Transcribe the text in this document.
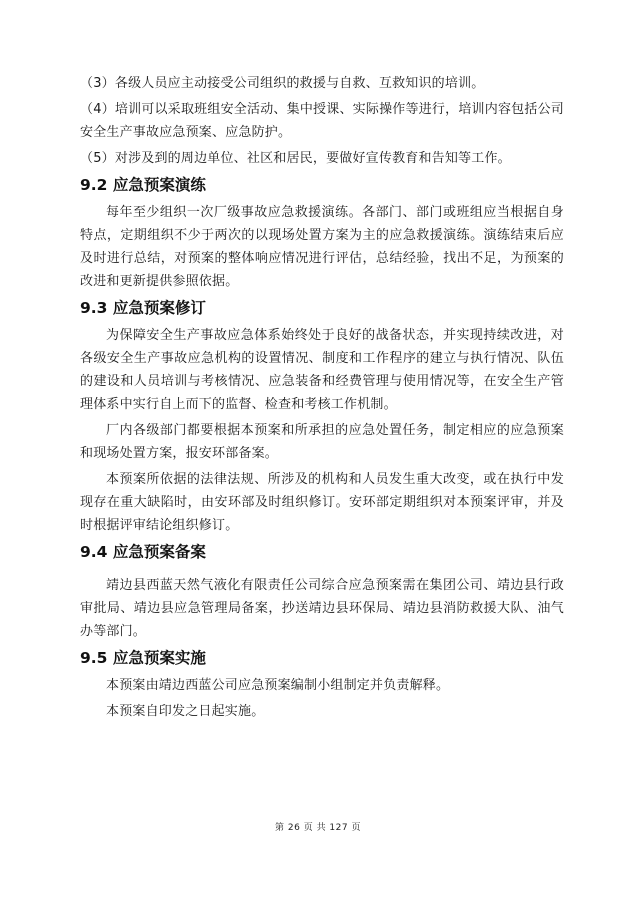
（3）各级人员应主动接受公司组织的救援与自救、互救知识的培训。

（4）培训可以采取班组安全活动、集中授课、实际操作等进行，培训内容包括公司安全生产事故应急预案、应急防护。

（5）对涉及到的周边单位、社区和居民，要做好宣传教育和告知等工作。

9.2 应急预案演练

每年至少组织一次厂级事故应急救援演练。各部门、部门或班组应当根据自身特点，定期组织不少于两次的以现场处置方案为主的应急救援演练。演练结束后应及时进行总结，对预案的整体响应情况进行评估，总结经验，找出不足，为预案的改进和更新提供参照依据。

9.3 应急预案修订

为保障安全生产事故应急体系始终处于良好的战备状态，并实现持续改进，对各级安全生产事故应急机构的设置情况、制度和工作程序的建立与执行情况、队伍的建设和人员培训与考核情况、应急装备和经费管理与使用情况等，在安全生产管理体系中实行自上而下的监督、检查和考核工作机制。

厂内各级部门都要根据本预案和所承担的应急处置任务，制定相应的应急预案和现场处置方案，报安环部备案。

本预案所依据的法律法规、所涉及的机构和人员发生重大改变，或在执行中发现存在重大缺陷时，由安环部及时组织修订。安环部定期组织对本预案评审，并及时根据评审结论组织修订。

9.4 应急预案备案

靖边县西蓝天然气液化有限责任公司综合应急预案需在集团公司、靖边县行政审批局、靖边县应急管理局备案，抄送靖边县环保局、靖边县消防救援大队、油气办等部门。

9.5 应急预案实施

本预案由靖边西蓝公司应急预案编制小组制定并负责解释。

本预案自印发之日起实施。

第 26 页 共 127 页
